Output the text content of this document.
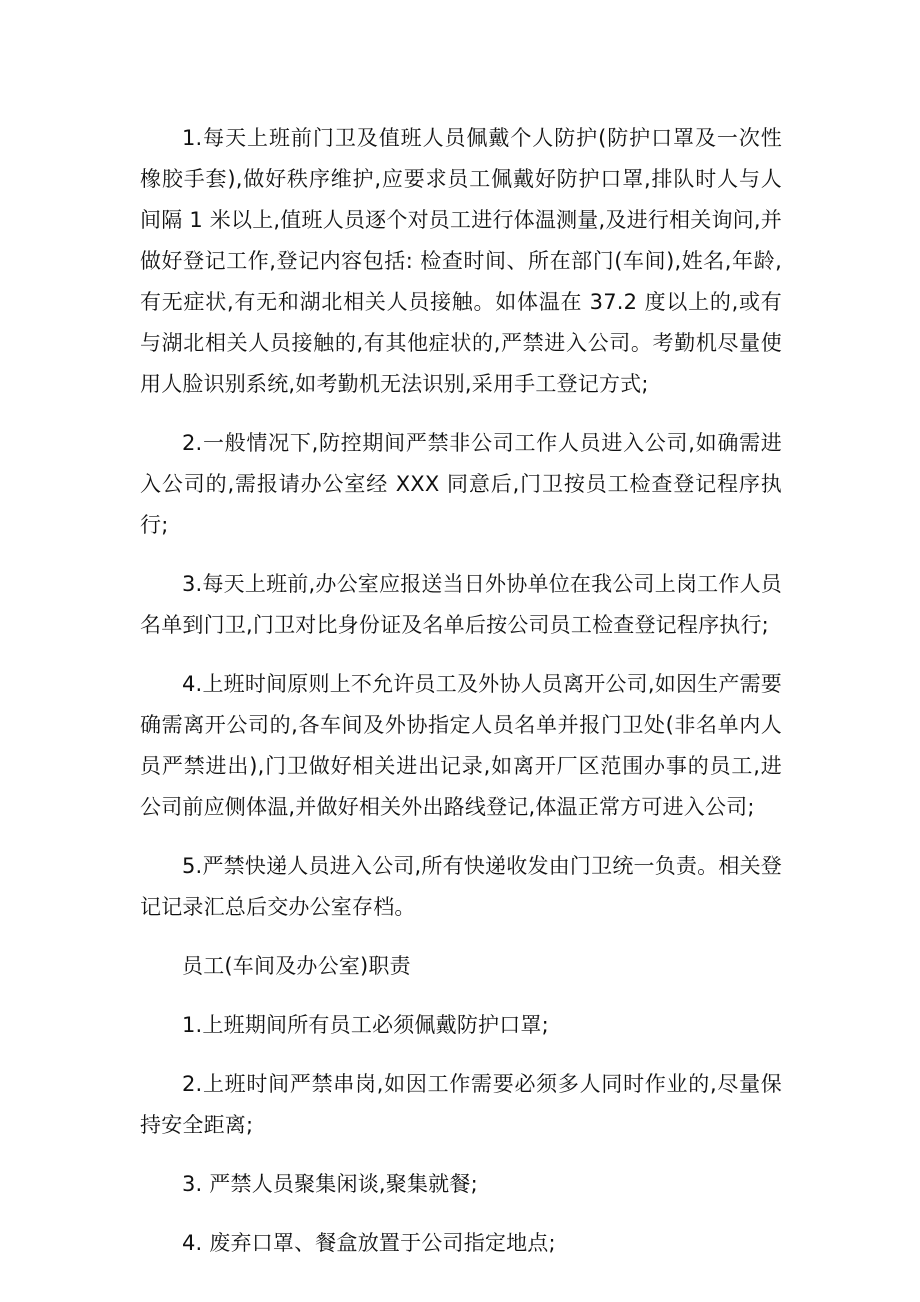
1.每天上班前门卫及值班人员佩戴个人防护(防护口罩及一次性橡胶手套),做好秩序维护,应要求员工佩戴好防护口罩,排队时人与人间隔 1 米以上,值班人员逐个对员工进行体温测量,及进行相关询问,并做好登记工作,登记内容包括: 检查时间、所在部门(车间),姓名,年龄,有无症状,有无和湖北相关人员接触。如体温在 37.2 度以上的,或有与湖北相关人员接触的,有其他症状的,严禁进入公司。考勤机尽量使用人脸识别系统,如考勤机无法识别,采用手工登记方式;

2.一般情况下,防控期间严禁非公司工作人员进入公司,如确需进入公司的,需报请办公室经 XXX 同意后,门卫按员工检查登记程序执行;

3.每天上班前,办公室应报送当日外协单位在我公司上岗工作人员名单到门卫,门卫对比身份证及名单后按公司员工检查登记程序执行;

4.上班时间原则上不允许员工及外协人员离开公司,如因生产需要确需离开公司的,各车间及外协指定人员名单并报门卫处(非名单内人员严禁进出),门卫做好相关进出记录,如离开厂区范围办事的员工,进公司前应侧体温,并做好相关外出路线登记,体温正常方可进入公司;

5.严禁快递人员进入公司,所有快递收发由门卫统一负责。相关登记记录汇总后交办公室存档。

员工(车间及办公室)职责

1.上班期间所有员工必须佩戴防护口罩;

2.上班时间严禁串岗,如因工作需要必须多人同时作业的,尽量保持安全距离;

3. 严禁人员聚集闲谈,聚集就餐;

4. 废弃口罩、餐盒放置于公司指定地点;
